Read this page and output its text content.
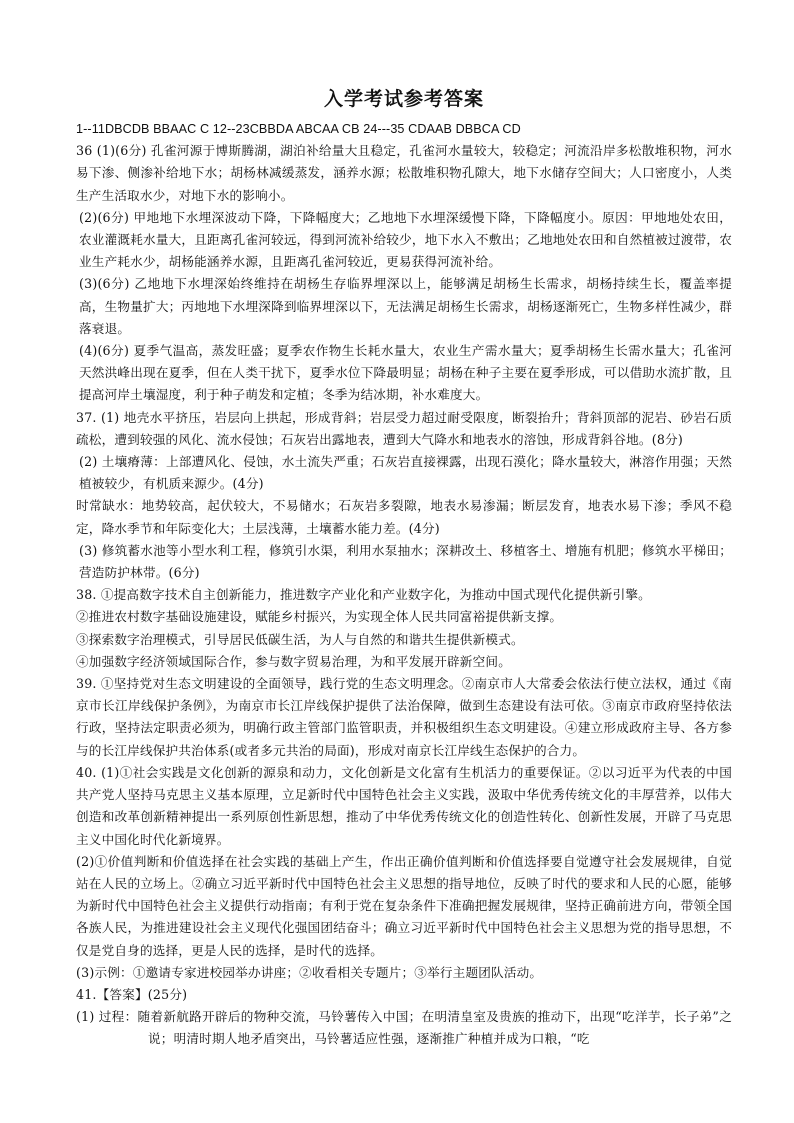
入学考试参考答案

1--11DBCDB BBAAC C 12--23CBBDA ABCAA CB 24---35 CDAAB DBBCA CD

36 (1)(6分) 孔雀河源于博斯腾湖，湖泊补给量大且稳定，孔雀河水量较大，较稳定；河流沿岸多松散堆积物，河水易下渗、侧渗补给地下水；胡杨林减缓蒸发，涵养水源；松散堆积物孔隙大，地下水储存空间大；人口密度小，人类生产生活取水少，对地下水的影响小。

(2)(6分) 甲地地下水埋深波动下降，下降幅度大；乙地地下水埋深缓慢下降，下降幅度小。原因：甲地地处农田，农业灌溉耗水量大，且距离孔雀河较远，得到河流补给较少，地下水入不敷出；乙地地处农田和自然植被过渡带，农业生产耗水少，胡杨能涵养水源，且距离孔雀河较近，更易获得河流补给。

(3)(6分) 乙地地下水埋深始终维持在胡杨生存临界埋深以上，能够满足胡杨生长需求，胡杨持续生长，覆盖率提高，生物量扩大；丙地地下水埋深降到临界埋深以下，无法满足胡杨生长需求，胡杨逐渐死亡，生物多样性减少，群落衰退。

(4)(6分) 夏季气温高，蒸发旺盛；夏季农作物生长耗水量大，农业生产需水量大；夏季胡杨生长需水量大；孔雀河天然洪峰出现在夏季，但在人类干扰下，夏季水位下降最明显；胡杨在种子主要在夏季形成，可以借助水流扩散，且提高河岸土壤湿度，利于种子萌发和定植；冬季为结冰期，补水难度大。

37. (1) 地壳水平挤压，岩层向上拱起，形成背斜；岩层受力超过耐受限度，断裂抬升；背斜顶部的泥岩、砂岩石质疏松，遭到较强的风化、流水侵蚀；石灰岩出露地表，遭到大气降水和地表水的溶蚀，形成背斜谷地。(8分)

(2) 土壤瘠薄：上部遭风化、侵蚀，水土流失严重；石灰岩直接裸露，出现石漠化；降水量较大，淋溶作用强；天然植被较少，有机质来源少。(4分)

时常缺水：地势较高，起伏较大，不易储水；石灰岩多裂隙，地表水易渗漏；断层发育，地表水易下渗；季风不稳定，降水季节和年际变化大；土层浅薄，土壤蓄水能力差。(4分)

(3) 修筑蓄水池等小型水利工程，修筑引水渠，利用水泵抽水；深耕改土、移植客土、增施有机肥；修筑水平梯田；营造防护林带。(6分)

38. ①提高数字技术自主创新能力，推进数字产业化和产业数字化，为推动中国式现代化提供新引擎。

②推进农村数字基础设施建设，赋能乡村振兴，为实现全体人民共同富裕提供新支撑。

③探索数字治理模式，引导居民低碳生活，为人与自然的和谐共生提供新模式。

④加强数字经济领域国际合作，参与数字贸易治理，为和平发展开辟新空间。

39. ①坚持党对生态文明建设的全面领导，践行党的生态文明理念。②南京市人大常委会依法行使立法权，通过《南京市长江岸线保护条例》，为南京市长江岸线保护提供了法治保障，做到生态建设有法可依。③南京市政府坚持依法行政，坚持法定职责必须为，明确行政主管部门监管职责，并积极组织生态文明建设。④建立形成政府主导、各方参与的长江岸线保护共治体系(或者多元共治的局面)，形成对南京长江岸线生态保护的合力。

40. (1)①社会实践是文化创新的源泉和动力，文化创新是文化富有生机活力的重要保证。②以习近平为代表的中国共产党人坚持马克思主义基本原理，立足新时代中国特色社会主义实践，汲取中华优秀传统文化的丰厚营养，以伟大创造和改革创新精神提出一系列原创性新思想，推动了中华优秀传统文化的创造性转化、创新性发展，开辟了马克思主义中国化时代化新境界。

(2)①价值判断和价值选择在社会实践的基础上产生，作出正确价值判断和价值选择要自觉遵守社会发展规律，自觉站在人民的立场上。②确立习近平新时代中国特色社会主义思想的指导地位，反映了时代的要求和人民的心愿，能够为新时代中国特色社会主义提供行动指南；有利于党在复杂条件下准确把握发展规律，坚持正确前进方向，带领全国各族人民，为推进建设社会主义现代化强国团结奋斗；确立习近平新时代中国特色社会主义思想为党的指导思想，不仅是党自身的选择，更是人民的选择，是时代的选择。

(3)示例：①邀请专家进校园举办讲座；②收看相关专题片；③举行主题团队活动。

41.【答案】(25分)

(1) 过程：随着新航路开辟后的物种交流，马铃薯传入中国；在明清皇室及贵族的推动下，出现“吃洋芋，长子弟”之说；明清时期人地矛盾突出，马铃薯适应性强，逐渐推广种植并成为口粮，“吃
